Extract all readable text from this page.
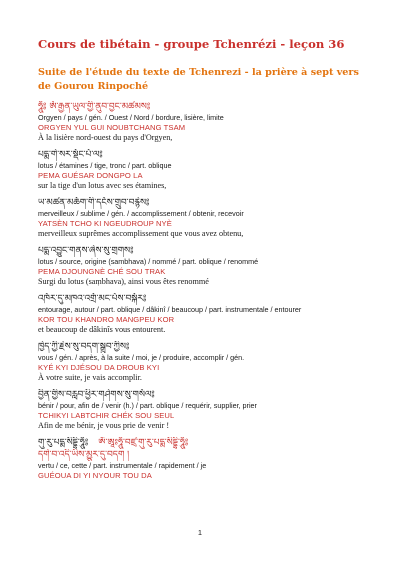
Cours de tibétain - groupe Tchenrézi - leçon 36
Suite de l'étude du texte de Tchenrezi - la prière à sept vers de Gourou Rinpoché
ཧཱུྃ༔ ཨོ་རྒྱན་ཡུལ་གྱི་ནུབ་བྱང་མཚམས༔
Orgyen / pays / gén. / Ouest / Nord / bordure, lisière, limite
ORGYEN YUL GUI NOUBTCHANG TSAM
À la lisière nord-ouest du pays d'Orgyen,
པདྨ་གེ་སར་སྡོང་པོ་ལ༔
lotus / étamines / tige, tronc / part. oblique
PEMA GUÉSAR DONGPO LA
sur la tige d'un lotus avec ses étamines,
ཡ་མཚན་མཆོག་གི་དངོས་གྲུབ་བརྙེས༔
merveilleux / sublime / gén. / accomplissement / obtenir, recevoir
YATSÈN TCHO KI NGEUDROUP NYÈ
merveilleux suprêmes accomplissement que vous avez obtenu,
པདྨ་འབྱུང་གནས་ཞེས་སུ་གྲགས༔
lotus / source, origine (sambhava) / nommé / part. oblique / renommé
PEMA DJOUNGNÈ CHÉ SOU TRAK
Surgi du lotus (saṃbhava), ainsi vous êtes renommé
འཁོར་དུ་མཁའ་འགྲོ་མང་པོས་བསྐོར༔
entourage, autour / part. oblique / dâkinî / beaucoup / part. instrumentale / entourer
KOR TOU KHANDRO MANGPEU KOR
et beaucoup de dâkinîs vous entourent.
ཁྱེད་ཀྱི་རྗེས་སུ་བདག་སྒྲུབ་ཀྱིས༔
vous / gén. / après, à la suite / moi, je / produire, accomplir / gén.
KYÉ KYI DJÉSOU DA DROUB KYI
À votre suite, je vais accomplir.
བྱིན་གྱིས་བརླབ་ཕྱིར་གཤེགས་སུ་གསོལ༔
bénir / pour, afin de / venir (h.) / part. oblique / requérir, supplier, prier
TCHIKYI LABTCHIR CHÉK SOU SEUL
Afin de me bénir, je vous prie de venir !
གུ་རུ་པདྨ་སིདྡྷི་ཧཱུྃ༔ ཨོཾ་ཨཱཿཧཱུྃ་བཛྲ་གུ་རུ་པདྨ་སིདྡྷི་ཧཱུྃ༔
དགེ་བ་འདི་ཡིས་མྱུར་དུ་བདག །
vertu / ce, cette / part. instrumentale / rapidement / je
GUÉOUA DI YI NYOUR TOU DA
1
